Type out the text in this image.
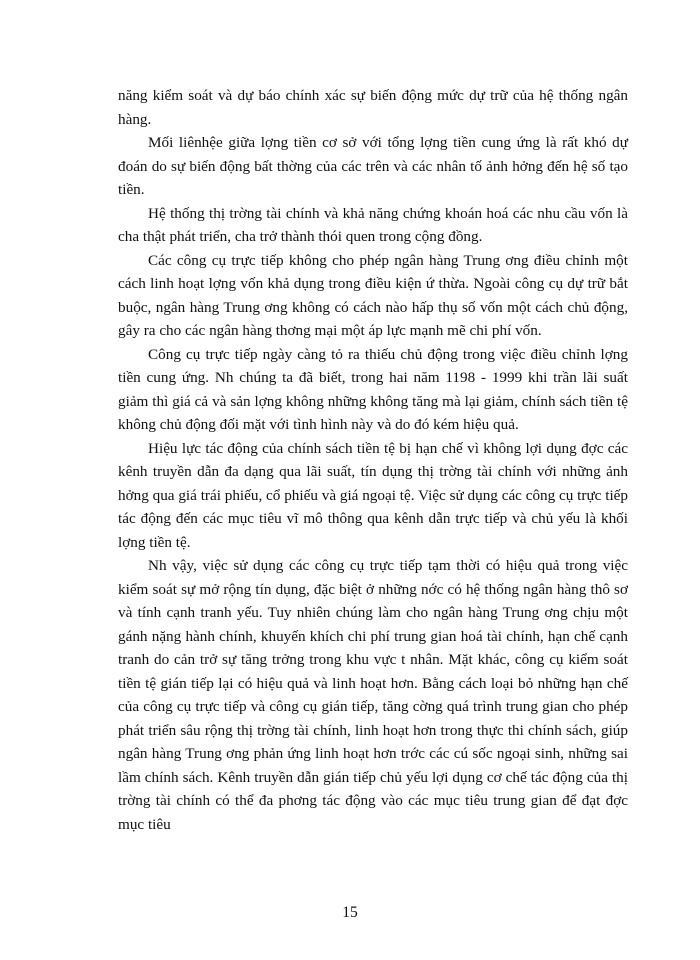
năng kiểm soát và dự báo chính xác sự biến động mức dự trữ của hệ thống ngân hàng.

Mối liênhệe giữa lợng tiền cơ sở với tổng lợng tiền cung ứng là rất khó dự đoán do sự biến động bất thờng của các trên và các nhân tố ảnh hởng đến hệ số tạo tiền.

Hệ thống thị trờng tài chính và khả năng chứng khoán hoá các nhu cầu vốn là cha thật phát triển, cha trở thành thói quen trong cộng đồng.

Các công cụ trực tiếp không cho phép ngân hàng Trung ơng điều chỉnh một cách linh hoạt lợng vốn khả dụng trong điều kiện ứ thừa. Ngoài công cụ dự trữ bắt buộc, ngân hàng Trung ơng không có cách nào hấp thụ số vốn một cách chủ động, gây ra cho các ngân hàng thơng mại một áp lực mạnh mẽ chi phí vốn.

Công cụ trực tiếp ngày càng tỏ ra thiếu chủ động trong việc điều chỉnh lợng tiền cung ứng. Nh chúng ta đã biết, trong hai năm 1198 - 1999 khi trần lãi suất giảm thì giá cả và sản lợng không những không tăng mà lại giảm, chính sách tiền tệ không chủ động đối mặt với tình hình này và do đó kém hiệu quả.

Hiệu lực tác động của chính sách tiền tệ bị hạn chế vì không lợi dụng đợc các kênh truyền dẫn đa dạng qua lãi suất, tín dụng thị trờng tài chính với những ảnh hởng qua giá trái phiếu, cổ phiếu và giá ngoại tệ. Việc sử dụng các công cụ trực tiếp tác động đến các mục tiêu vĩ mô thông qua kênh dẫn trực tiếp và chủ yếu là khối lợng tiền tệ.

Nh vậy, việc sử dụng các công cụ trực tiếp tạm thời có hiệu quả trong việc kiểm soát sự mở rộng tín dụng, đặc biệt ở những nớc có hệ thống ngân hàng thô sơ và tính cạnh tranh yếu. Tuy nhiên chúng làm cho ngân hàng Trung ơng chịu một gánh nặng hành chính, khuyến khích chi phí trung gian hoá tài chính, hạn chế cạnh tranh do cản trở sự tăng trởng trong khu vực t nhân. Mặt khác, công cụ kiểm soát tiền tệ gián tiếp lại có hiệu quả và linh hoạt hơn. Bằng cách loại bỏ những hạn chế của công cụ trực tiếp và công cụ gián tiếp, tăng cờng quá trình trung gian cho phép phát triển sâu rộng thị trờng tài chính, linh hoạt hơn trong thực thi chính sách, giúp ngân hàng Trung ơng phản ứng linh hoạt hơn trớc các cú sốc ngoại sinh, những sai lầm chính sách. Kênh truyền dẫn gián tiếp chủ yếu lợi dụng cơ chế tác động của thị trờng tài chính có thể đa phơng tác động vào các mục tiêu trung gian để đạt đợc mục tiêu

15
